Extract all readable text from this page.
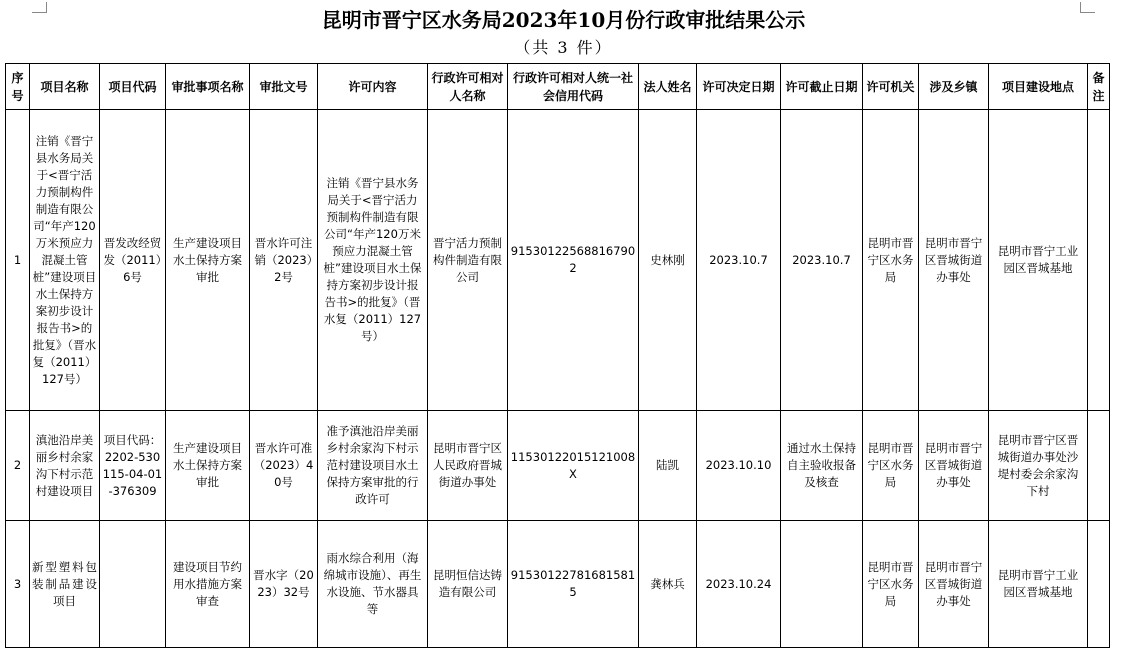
昆明市晋宁区水务局2023年10月份行政审批结果公示
（共 3 件）
序号	项目名称	项目代码	审批事项名称	审批文号	许可内容	行政许可相对人名称	行政许可相对人统一社会信用代码	法人姓名	许可决定日期	许可截止日期	许可机关	涉及乡镇	项目建设地点	备注
1	注销《晋宁县水务局关于<晋宁活力预制构件制造有限公司“年产120万米预应力混凝土管桩”建设项目水土保持方案初步设计报告书>的批复》（晋水复（2011）127号）	晋发改经贸发（2011）6号	生产建设项目水土保持方案审批	晋水许可注销（2023）2号	注销《晋宁县水务局关于<晋宁活力预制构件制造有限公司“年产120万米预应力混凝土管桩”建设项目水土保持方案初步设计报告书>的批复》（晋水复（2011）127号）	晋宁活力预制构件制造有限公司	915301225688167902	史林刚	2023.10.7	2023.10.7	昆明市晋宁区水务局	昆明市晋宁区晋城街道办事处	昆明市晋宁工业园区晋城基地	
2	滇池沿岸美丽乡村余家沟下村示范村建设项目	项目代码：2202-530115-04-01-376309	生产建设项目水土保持方案审批	晋水许可准（2023）40号	准予滇池沿岸美丽乡村余家沟下村示范村建设项目水土保持方案审批的行政许可	昆明市晋宁区人民政府晋城街道办事处	11530122015121008X	陆凯	2023.10.10	通过水土保持自主验收报备及核查	昆明市晋宁区水务局	昆明市晋宁区晋城街道办事处	昆明市晋宁区晋城街道办事处沙堤村委会余家沟下村	
3	新型塑料包装制品建设项目		建设项目节约用水措施方案审查	晋水字（2023）32号	雨水综合利用（海绵城市设施）、再生水设施、节水器具等	昆明恒信达铸造有限公司	915301227816815815	龚林兵	2023.10.24		昆明市晋宁区水务局	昆明市晋宁区晋城街道办事处	昆明市晋宁工业园区晋城基地	
